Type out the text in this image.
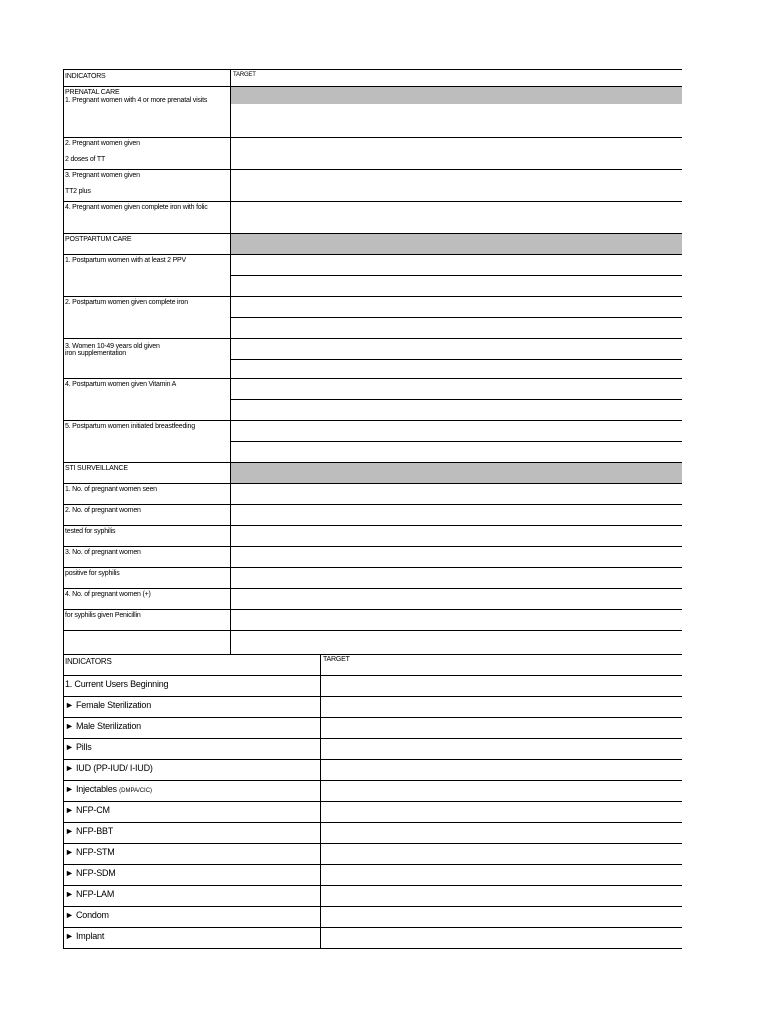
INDICATORS	TARGET
PRENATAL CARE
1. Pregnant women with 4 or more prenatal visits
2. Pregnant women given
2 doses of TT
3. Pregnant women given
TT2 plus
4. Pregnant women given complete iron with folic
POSTPARTUM CARE
1. Postpartum women with at least 2 PPV
2. Postpartum women given complete iron
3. Women 10-49 years old given
iron supplementation
4. Postpartum women given Vitamin A
5. Postpartum women initiated breastfeeding
STI SURVEILLANCE
1. No. of pregnant women seen
2. No. of pregnant women
tested for syphilis
3. No. of pregnant women
positive for syphilis
4. No. of pregnant women (+)
for syphilis given Penicillin
INDICATORS	TARGET
1. Current Users Beginning
► Female Sterilization
► Male Sterilization
► Pills
► IUD (PP-IUD/ I-IUD)
► Injectables (DMPA/CIC)
► NFP-CM
► NFP-BBT
► NFP-STM
► NFP-SDM
► NFP-LAM
► Condom
► Implant
